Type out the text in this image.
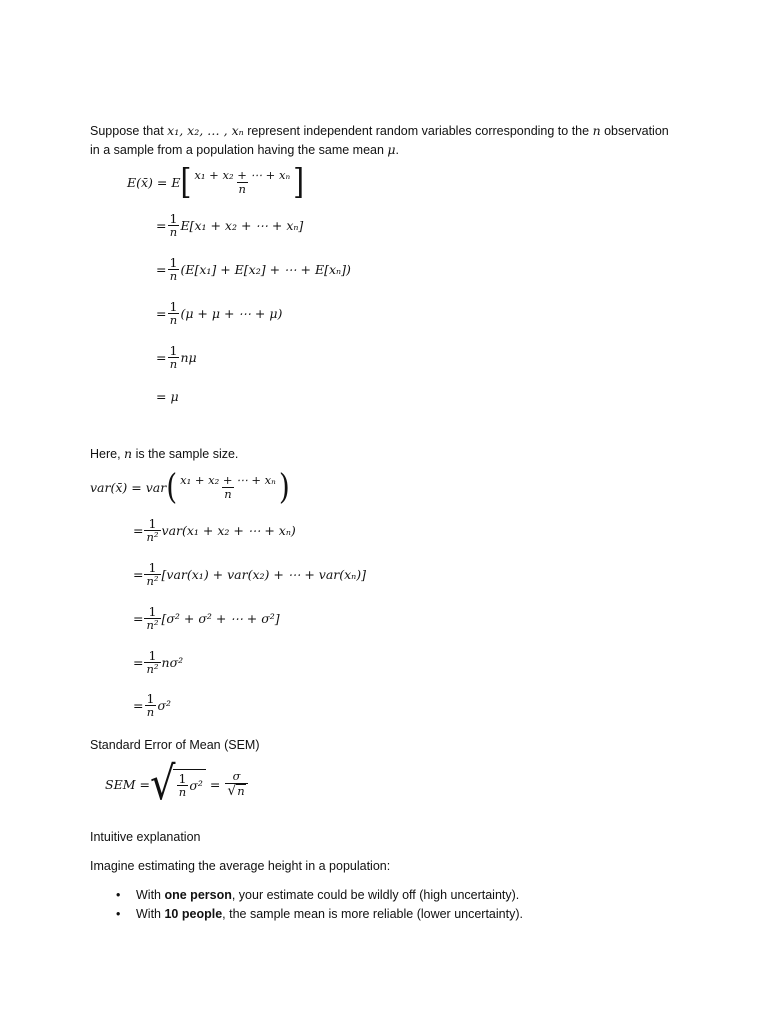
Suppose that x₁, x₂, … , xₙ represent independent random variables corresponding to the n observation
in a sample from a population having the same mean μ.
E(x̄) = E [ $\frac{\text{x₁ + x₂ + ⋯ + xₙ}}{n}$ ]
= $\frac{1}{n} E[x_1 + x_2$ + ⋯ + xₙ]
= $\frac{1}{n} (E[x_1] + E[x_2]$ + ⋯ + E[xₙ])
= $\frac{1}{n} (\mu + \mu$ + ⋯ + μ)
= $\frac{1}{n}$ nμ
= μ
Here, n is the sample size.
var(x̄) = var ( $\frac{\text{x₁ + x₂ + ⋯ + xₙ}}{n}$ )
= $\frac{1}{\text{n²}} var(x_1 + x_2$ + ⋯ + xₙ)
= $\frac{1}{\text{n²}} [var(x_1) + var(x_2)$ + ⋯ + var(xₙ)]
= $\frac{1}{\text{n²}} [\sigma^2 + \sigma^2$ + ⋯ + σ²]
= $\frac{1}{\text{n²}} n\sigma^2$
= $\frac{1}{n} \sigma^2$
Standard Error of Mean (SEM)
SEM = √ $\frac{1}{n} \sigma^2 = \frac{\sigma}{√ n}$
Intuitive explanation
Imagine estimating the average height in a population:
• With one person, your estimate could be wildly off (high uncertainty).
• With 10 people, the sample mean is more reliable (lower uncertainty).
